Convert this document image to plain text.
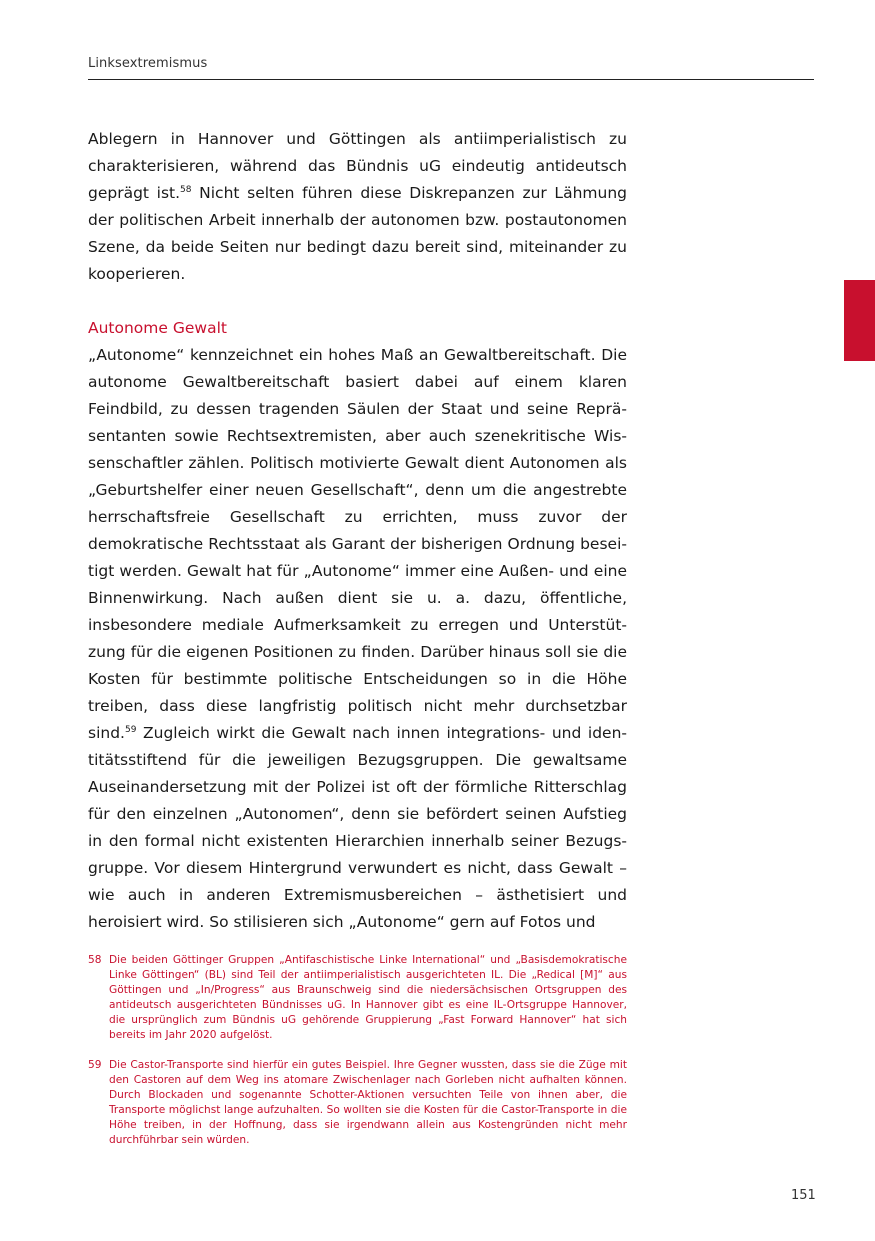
Linksextremismus

Ablegern in Hannover und Göttingen als antiimperialistisch zu charakterisieren, während das Bündnis uG eindeutig antideutsch geprägt ist.$^{58}$ Nicht selten führen diese Diskrepanzen zur Lähmung der politischen Arbeit innerhalb der autonomen bzw. postautonomen Szene, da beide Seiten nur bedingt dazu bereit sind, miteinander zu kooperieren.

Autonome Gewalt

„Autonome“ kennzeichnet ein hohes Maß an Gewaltbereitschaft. Die autonome Gewaltbereitschaft basiert dabei auf einem klaren Feindbild, zu dessen tragenden Säulen der Staat und seine Repräsentanten sowie Rechtsextremisten, aber auch szenekritische Wissenschaftler zählen. Politisch motivierte Gewalt dient Autonomen als „Geburtshelfer einer neuen Gesellschaft“, denn um die angestrebte herrschaftsfreie Gesellschaft zu errichten, muss zuvor der demokratische Rechtsstaat als Garant der bisherigen Ordnung beseitigt werden. Gewalt hat für „Autonome“ immer eine Außen- und eine Binnenwirkung. Nach außen dient sie u. a. dazu, öffentliche, insbesondere mediale Aufmerksamkeit zu erregen und Unterstützung für die eigenen Positionen zu finden. Darüber hinaus soll sie die Kosten für bestimmte politische Entscheidungen so in die Höhe treiben, dass diese langfristig politisch nicht mehr durchsetzbar sind.$^{59}$ Zugleich wirkt die Gewalt nach innen integrations- und identitätsstiftend für die jeweiligen Bezugsgruppen. Die gewaltsame Auseinandersetzung mit der Polizei ist oft der förmliche Ritterschlag für den einzelnen „Autonomen“, denn sie befördert seinen Aufstieg in den formal nicht existenten Hierarchien innerhalb seiner Bezugsgruppe. Vor diesem Hintergrund verwundert es nicht, dass Gewalt – wie auch in anderen Extremismusbereichen – ästhetisiert und heroisiert wird. So stilisieren sich „Autonome“ gern auf Fotos und

58 Die beiden Göttinger Gruppen „Antifaschistische Linke International“ und „Basisdemokratische Linke Göttingen“ (BL) sind Teil der antiimperialistisch ausgerichteten IL. Die „Redical [M]“ aus Göttingen und „In/Progress“ aus Braunschweig sind die niedersächsischen Ortsgruppen des antideutsch ausgerichteten Bündnisses uG. In Hannover gibt es eine IL-Ortsgruppe Hannover, die ursprünglich zum Bündnis uG gehörende Gruppierung „Fast Forward Hannover“ hat sich bereits im Jahr 2020 aufgelöst.
59 Die Castor-Transporte sind hierfür ein gutes Beispiel. Ihre Gegner wussten, dass sie die Züge mit den Castoren auf dem Weg ins atomare Zwischenlager nach Gorleben nicht aufhalten können. Durch Blockaden und sogenannte Schotter-Aktionen versuchten Teile von ihnen aber, die Transporte möglichst lange aufzuhalten. So wollten sie die Kosten für die Castor-Transporte in die Höhe treiben, in der Hoffnung, dass sie irgendwann allein aus Kostengründen nicht mehr durchführbar sein würden.
151
